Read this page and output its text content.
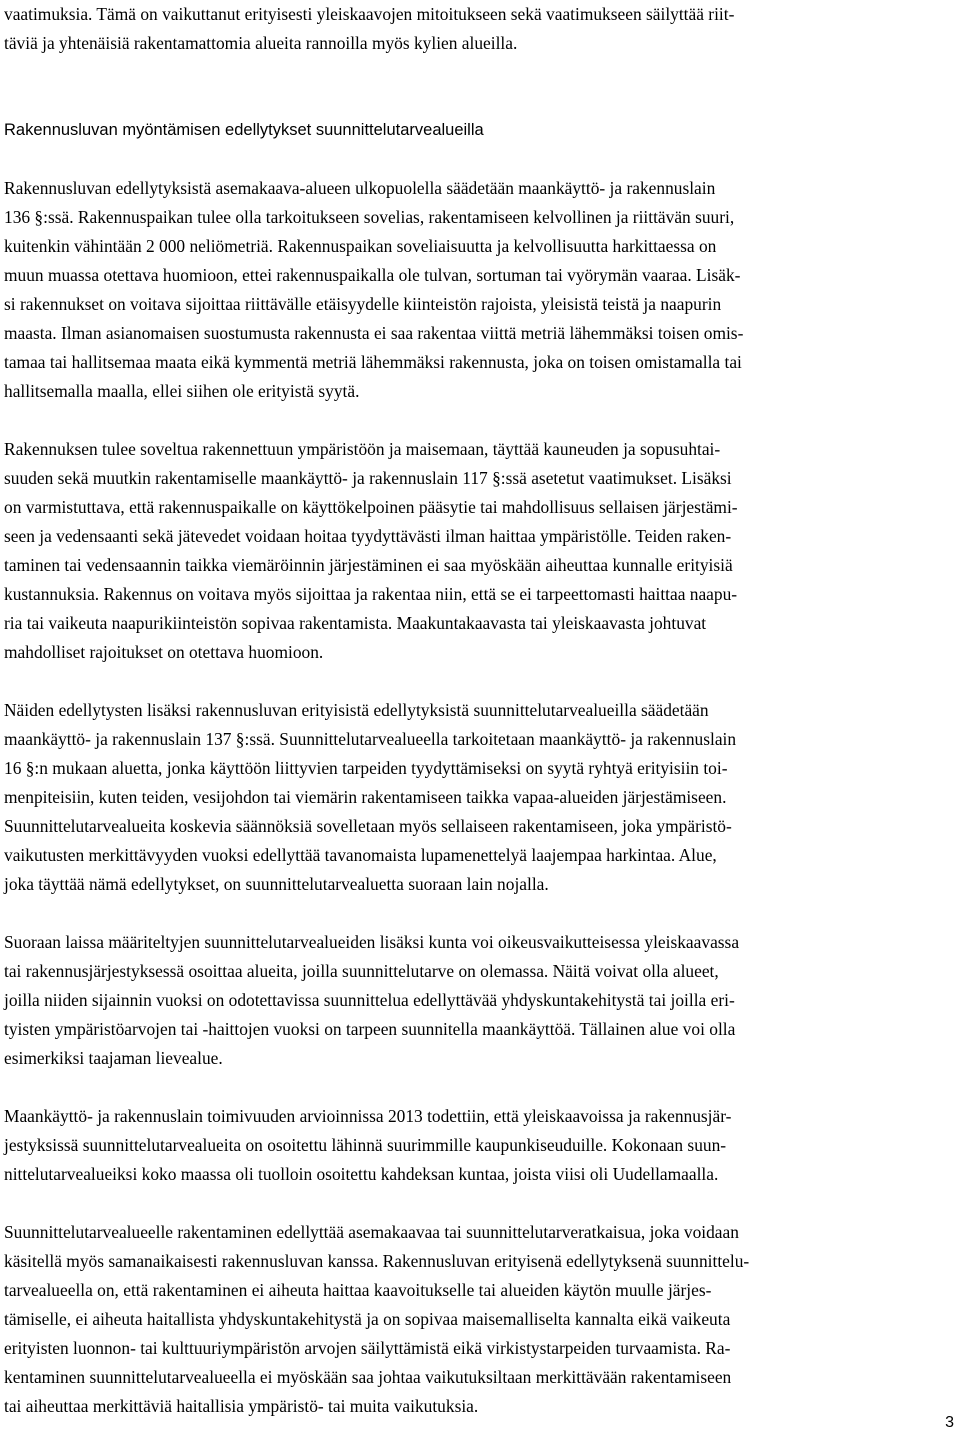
vaatimuksia. Tämä on vaikuttanut erityisesti yleiskaavojen mitoitukseen sekä vaatimukseen säilyttää riit-
täviä ja yhtenäisiä rakentamattomia alueita rannoilla myös kylien alueilla.

Rakennusluvan myöntämisen edellytykset suunnittelutarvealueilla

Rakennusluvan edellytyksistä asemakaava-alueen ulkopuolella säädetään maankäyttö- ja rakennuslain
136 §:ssä. Rakennuspaikan tulee olla tarkoitukseen sovelias, rakentamiseen kelvollinen ja riittävän suuri,
kuitenkin vähintään 2 000 neliömetriä. Rakennuspaikan soveliaisuutta ja kelvollisuutta harkittaessa on
muun muassa otettava huomioon, ettei rakennuspaikalla ole tulvan, sortuman tai vyörymän vaaraa. Lisäk-
si rakennukset on voitava sijoittaa riittävälle etäisyydelle kiinteistön rajoista, yleisistä teistä ja naapurin
maasta. Ilman asianomaisen suostumusta rakennusta ei saa rakentaa viittä metriä lähemmäksi toisen omis-
tamaa tai hallitsemaa maata eikä kymmentä metriä lähemmäksi rakennusta, joka on toisen omistamalla tai
hallitsemalla maalla, ellei siihen ole erityistä syytä.

Rakennuksen tulee soveltua rakennettuun ympäristöön ja maisemaan, täyttää kauneuden ja sopusuhtai-
suuden sekä muutkin rakentamiselle maankäyttö- ja rakennuslain 117 §:ssä asetetut vaatimukset. Lisäksi
on varmistuttava, että rakennuspaikalle on käyttökelpoinen pääsytie tai mahdollisuus sellaisen järjestämi-
seen ja vedensaanti sekä jätevedet voidaan hoitaa tyydyttävästi ilman haittaa ympäristölle. Teiden raken-
taminen tai vedensaannin taikka viemäröinnin järjestäminen ei saa myöskään aiheuttaa kunnalle erityisiä
kustannuksia. Rakennus on voitava myös sijoittaa ja rakentaa niin, että se ei tarpeettomasti haittaa naapu-
ria tai vaikeuta naapurikiinteistön sopivaa rakentamista. Maakuntakaavasta tai yleiskaavasta johtuvat
mahdolliset rajoitukset on otettava huomioon.

Näiden edellytysten lisäksi rakennusluvan erityisistä edellytyksistä suunnittelutarvealueilla säädetään
maankäyttö- ja rakennuslain 137 §:ssä. Suunnittelutarvealueella tarkoitetaan maankäyttö- ja rakennuslain
16 §:n mukaan aluetta, jonka käyttöön liittyvien tarpeiden tyydyttämiseksi on syytä ryhtyä erityisiin toi-
menpiteisiin, kuten teiden, vesijohdon tai viemärin rakentamiseen taikka vapaa-alueiden järjestämiseen.
Suunnittelutarvealueita koskevia säännöksiä sovelletaan myös sellaiseen rakentamiseen, joka ympäristö-
vaikutusten merkittävyyden vuoksi edellyttää tavanomaista lupamenettelyä laajempaa harkintaa. Alue,
joka täyttää nämä edellytykset, on suunnittelutarvealuetta suoraan lain nojalla.

Suoraan laissa määriteltyjen suunnittelutarvealueiden lisäksi kunta voi oikeusvaikutteisessa yleiskaavassa
tai rakennusjärjestyksessä osoittaa alueita, joilla suunnittelutarve on olemassa. Näitä voivat olla alueet,
joilla niiden sijainnin vuoksi on odotettavissa suunnittelua edellyttävää yhdyskuntakehitystä tai joilla eri-
tyisten ympäristöarvojen tai -haittojen vuoksi on tarpeen suunnitella maankäyttöä. Tällainen alue voi olla
esimerkiksi taajaman lievealue.

Maankäyttö- ja rakennuslain toimivuuden arvioinnissa 2013 todettiin, että yleiskaavoissa ja rakennusjär-
jestyksissä suunnittelutarvealueita on osoitettu lähinnä suurimmille kaupunkiseuduille. Kokonaan suun-
nittelutarvealueiksi koko maassa oli tuolloin osoitettu kahdeksan kuntaa, joista viisi oli Uudellamaalla.

Suunnittelutarvealueelle rakentaminen edellyttää asemakaavaa tai suunnittelutarveratkaisua, joka voidaan
käsitellä myös samanaikaisesti rakennusluvan kanssa. Rakennusluvan erityisenä edellytyksenä suunnittelu-
tarvealueella on, että rakentaminen ei aiheuta haittaa kaavoitukselle tai alueiden käytön muulle järjes-
tämiselle, ei aiheuta haitallista yhdyskuntakehitystä ja on sopivaa maisemalliselta kannalta eikä vaikeuta
erityisten luonnon- tai kulttuuriympäristön arvojen säilyttämistä eikä virkistystarpeiden turvaamista. Ra-
kentaminen suunnittelutarvealueella ei myöskään saa johtaa vaikutuksiltaan merkittävään rakentamiseen
tai aiheuttaa merkittäviä haitallisia ympäristö- tai muita vaikutuksia.

3
